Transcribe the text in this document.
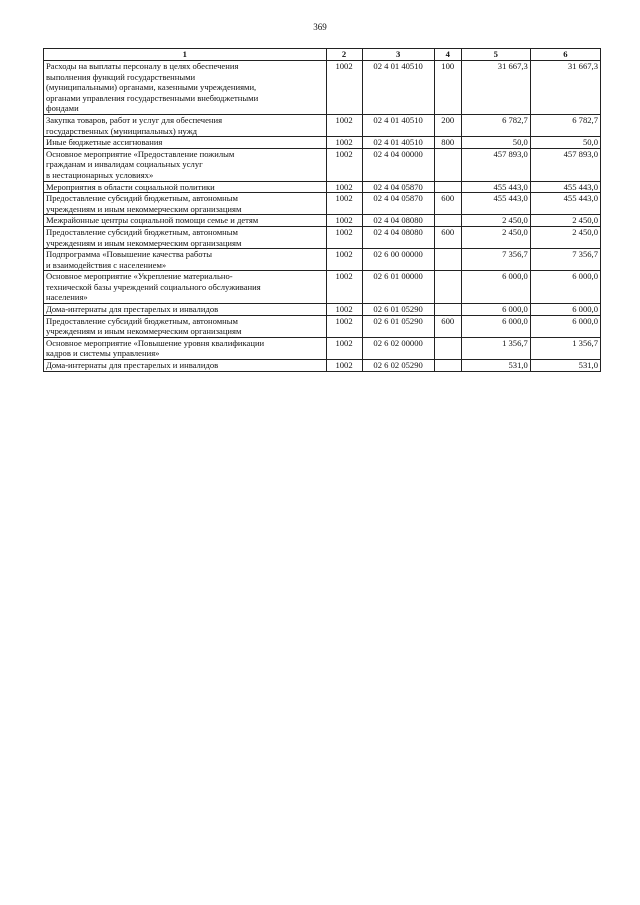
369
1	2	3	4	5	6

Расходы на выплаты персоналу в целях обеспечения
выполнения функций государственными
(муниципальными) органами, казенными учреждениями,
органами управления государственными внебюджетными
фондами	1002	02 4 01 40510	100	31 667,3	31 667,3

Закупка товаров, работ и услуг для обеспечения
государственных (муниципальных) нужд	1002	02 4 01 40510	200	6 782,7	6 782,7

Иные бюджетные ассигнования	1002	02 4 01 40510	800	50,0	50,0

Основное мероприятие «Предоставление пожилым
гражданам и инвалидам социальных услуг
в нестационарных условиях»	1002	02 4 04 00000		457 893,0	457 893,0

Мероприятия в области социальной политики	1002	02 4 04 05870		455 443,0	455 443,0

Предоставление субсидий бюджетным, автономным
учреждениям и иным некоммерческим организациям	1002	02 4 04 05870	600	455 443,0	455 443,0

Межрайонные центры социальной помощи семье и детям	1002	02 4 04 08080		2 450,0	2 450,0

Предоставление субсидий бюджетным, автономным
учреждениям и иным некоммерческим организациям	1002	02 4 04 08080	600	2 450,0	2 450,0

Подпрограмма «Повышение качества работы
и взаимодействия с населением»	1002	02 6 00 00000		7 356,7	7 356,7

Основное мероприятие «Укрепление материально-
технической базы учреждений социального обслуживания
населения»	1002	02 6 01 00000		6 000,0	6 000,0

Дома-интернаты для престарелых и инвалидов	1002	02 6 01 05290		6 000,0	6 000,0

Предоставление субсидий бюджетным, автономным
учреждениям и иным некоммерческим организациям	1002	02 6 01 05290	600	6 000,0	6 000,0

Основное мероприятие «Повышение уровня квалификации
кадров и системы управления»	1002	02 6 02 00000		1 356,7	1 356,7

Дома-интернаты для престарелых и инвалидов	1002	02 6 02 05290		531,0	531,0
